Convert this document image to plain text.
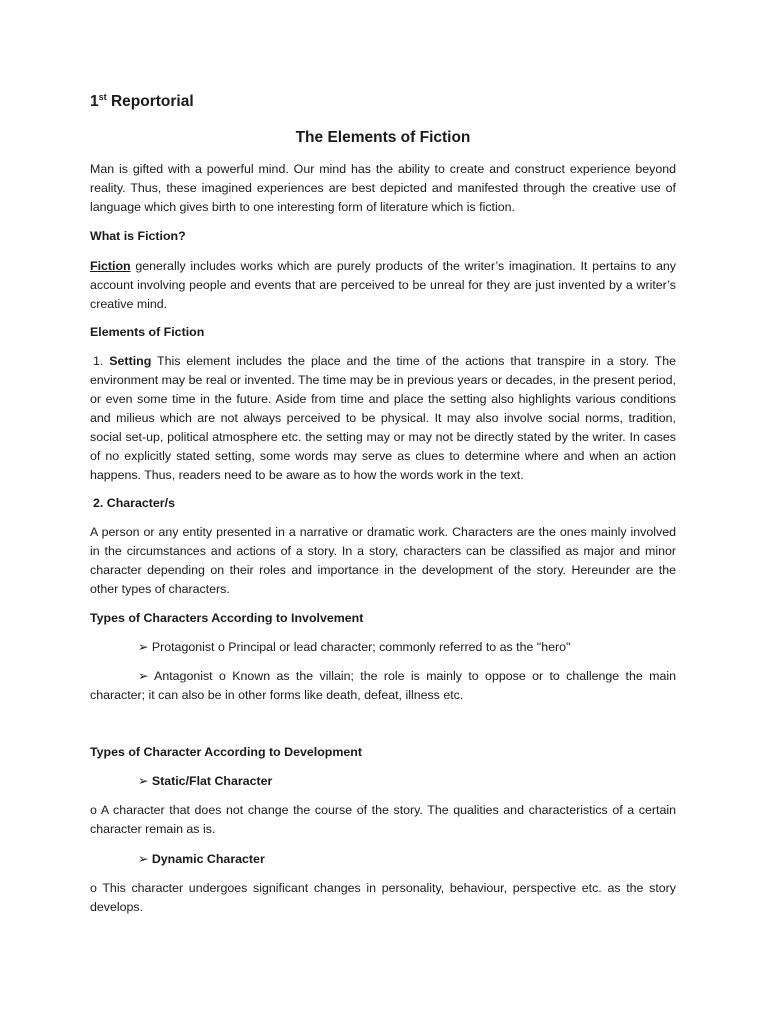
1st Reportorial
The Elements of Fiction

Man is gifted with a powerful mind. Our mind has the ability to create and construct experience beyond reality. Thus, these imagined experiences are best depicted and manifested through the creative use of language which gives birth to one interesting form of literature which is fiction.

What is Fiction?

Fiction generally includes works which are purely products of the writer’s imagination. It pertains to any account involving people and events that are perceived to be unreal for they are just invented by a writer’s creative mind.

Elements of Fiction

1. Setting This element includes the place and the time of the actions that transpire in a story. The environment may be real or invented. The time may be in previous years or decades, in the present period, or even some time in the future. Aside from time and place the setting also highlights various conditions and milieus which are not always perceived to be physical. It may also involve social norms, tradition, social set-up, political atmosphere etc. the setting may or may not be directly stated by the writer. In cases of no explicitly stated setting, some words may serve as clues to determine where and when an action happens. Thus, readers need to be aware as to how the words work in the text.

2. Character/s

A person or any entity presented in a narrative or dramatic work. Characters are the ones mainly involved in the circumstances and actions of a story. In a story, characters can be classified as major and minor character depending on their roles and importance in the development of the story. Hereunder are the other types of characters.

Types of Characters According to Involvement
➢ Protagonist o Principal or lead character; commonly referred to as the "hero"

➢ Antagonist o Known as the villain; the role is mainly to oppose or to challenge the main character; it can also be in other forms like death, defeat, illness etc.

Types of Character According to Development
➢ Static/Flat Character

o A character that does not change the course of the story. The qualities and characteristics of a certain character remain as is.

➢ Dynamic Character

o This character undergoes significant changes in personality, behaviour, perspective etc. as the story develops.
